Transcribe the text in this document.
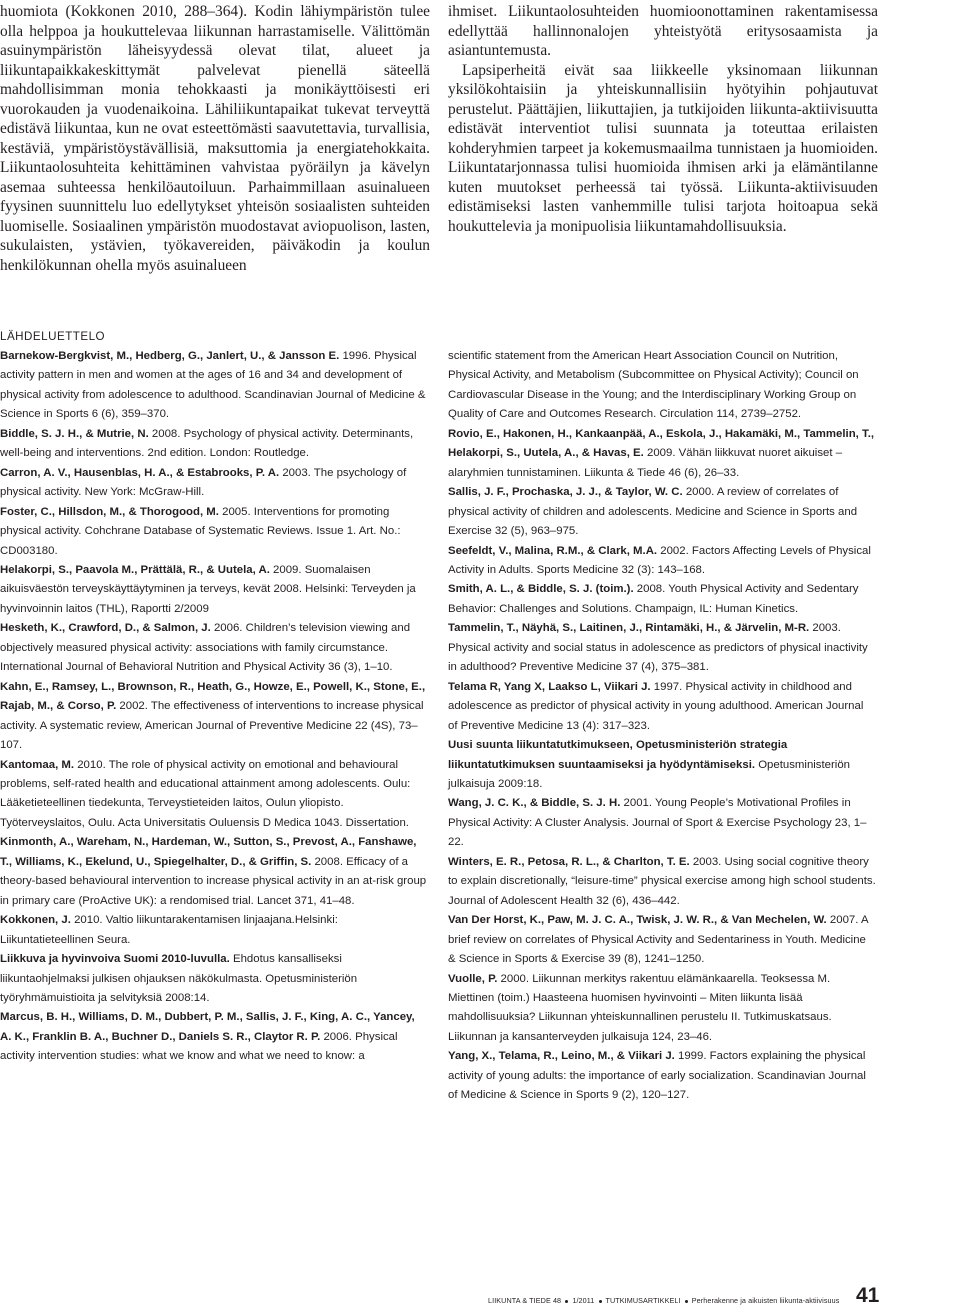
huomiota (Kokkonen 2010, 288–364). Kodin lähiympäristön tulee olla helppoa ja houkuttelevaa liikunnan harrastamiselle. Välittömän asuinympäristön läheisyydessä olevat tilat, alueet ja liikuntapaikkakeskittymät palvelevat pienellä säteellä mahdollisimman monia tehokkaasti ja monikäyttöisesti eri vuorokauden ja vuodenaikoina. Lähiliikuntapaikat tukevat terveyttä edistävä liikuntaa, kun ne ovat esteettömästi saavutettavia, turvallisia, kestäviä, ympäristöystävällisiä, maksuttomia ja energiatehokkaita. Liikuntaolosuhteita kehittäminen vahvistaa pyöräilyn ja kävelyn asemaa suhteessa henkilöautoiluun. Parhaimmillaan asuinalueen fyysinen suunnittelu luo edellytykset yhteisön sosiaalisten suhteiden luomiselle. Sosiaalinen ympäristön muodostavat aviopuolison, lasten, sukulaisten, ystävien, työkavereiden, päiväkodin ja koulun henkilökunnan ohella myös asuinalueen

ihmiset. Liikuntaolosuhteiden huomioonottaminen rakentamisessa edellyttää hallinnonalojen yhteistyötä eritysosaamista ja asiantuntemusta.

Lapsiperheitä eivät saa liikkeelle yksinomaan liikunnan yksilökohtaisiin ja yhteiskunnallisiin hyötyihin pohjautuvat perustelut. Päättäjien, liikuttajien, ja tutkijoiden liikunta-aktiivisuutta edistävät interventiot tulisi suunnata ja toteuttaa erilaisten kohderyhmien tarpeet ja kokemusmaailma tunnistaen ja huomioiden. Liikuntatarjonnassa tulisi huomioida ihmisen arki ja elämäntilanne kuten muutokset perheessä tai työssä. Liikunta-aktiivisuuden edistämiseksi lasten vanhemmille tulisi tarjota hoitoapua sekä houkuttelevia ja monipuolisia liikuntamahdollisuuksia.

LÄHDELUETTELO

Barnekow-Bergkvist, M., Hedberg, G., Janlert, U., & Jansson E. 1996. Physical activity pattern in men and women at the ages of 16 and 34 and development of physical activity from adolescence to adulthood. Scandinavian Journal of Medicine & Science in Sports 6 (6), 359–370.

Biddle, S. J. H., & Mutrie, N. 2008. Psychology of physical activity. Determinants, well-being and interventions. 2nd edition. London: Routledge.

Carron, A. V., Hausenblas, H. A., & Estabrooks, P. A. 2003. The psychology of physical activity. New York: McGraw-Hill.

Foster, C., Hillsdon, M., & Thorogood, M. 2005. Interventions for promoting physical activity. Cohchrane Database of Systematic Reviews. Issue 1. Art. No.: CD003180.

Helakorpi, S., Paavola M., Prättälä, R., & Uutela, A. 2009. Suomalaisen aikuisväestön terveyskäyttäytyminen ja terveys, kevät 2008. Helsinki: Terveyden ja hyvinvoinnin laitos (THL), Raportti 2/2009

Hesketh, K., Crawford, D., & Salmon, J. 2006. Children’s television viewing and objectively measured physical activity: associations with family circumstance. International Journal of Behavioral Nutrition and Physical Activity 36 (3), 1–10.

Kahn, E., Ramsey, L., Brownson, R., Heath, G., Howze, E., Powell, K., Stone, E., Rajab, M., & Corso, P. 2002. The effectiveness of interventions to increase physical activity. A systematic review, American Journal of Preventive Medicine 22 (4S), 73–107.

Kantomaa, M. 2010. The role of physical activity on emotional and behavioural problems, self-rated health and educational attainment among adolescents. Oulu: Lääketieteellinen tiedekunta, Terveystieteiden laitos, Oulun yliopisto. Työterveyslaitos, Oulu. Acta Universitatis Ouluensis D Medica 1043. Dissertation.

Kinmonth, A., Wareham, N., Hardeman, W., Sutton, S., Prevost, A., Fanshawe, T., Williams, K., Ekelund, U., Spiegelhalter, D., & Griffin, S. 2008. Efficacy of a theory-based behavioural intervention to increase physical activity in an at-risk group in primary care (ProActive UK): a rendomised trial. Lancet 371, 41–48.

Kokkonen, J. 2010. Valtio liikuntarakentamisen linjaajana.Helsinki: Liikuntatieteellinen Seura.

Liikkuva ja hyvinvoiva Suomi 2010-luvulla. Ehdotus kansalliseksi liikuntaohjelmaksi julkisen ohjauksen näkökulmasta. Opetusministeriön työryhmämuistioita ja selvityksiä 2008:14.

Marcus, B. H., Williams, D. M., Dubbert, P. M., Sallis, J. F., King, A. C., Yancey, A. K., Franklin B. A., Buchner D., Daniels S. R., Claytor R. P. 2006. Physical activity intervention studies: what we know and what we need to know: a

scientific statement from the American Heart Association Council on Nutrition, Physical Activity, and Metabolism (Subcommittee on Physical Activity); Council on Cardiovascular Disease in the Young; and the Interdisciplinary Working Group on Quality of Care and Outcomes Research. Circulation 114, 2739–2752.

Rovio, E., Hakonen, H., Kankaanpää, A., Eskola, J., Hakamäki, M., Tammelin, T., Helakorpi, S., Uutela, A., & Havas, E. 2009. Vähän liikkuvat nuoret aikuiset – alaryhmien tunnistaminen. Liikunta & Tiede 46 (6), 26–33.

Sallis, J. F., Prochaska, J. J., & Taylor, W. C. 2000. A review of correlates of physical activity of children and adolescents. Medicine and Science in Sports and Exercise 32 (5), 963–975.

Seefeldt, V., Malina, R.M., & Clark, M.A. 2002. Factors Affecting Levels of Physical Activity in Adults. Sports Medicine 32 (3): 143–168.

Smith, A. L., & Biddle, S. J. (toim.). 2008. Youth Physical Activity and Sedentary Behavior: Challenges and Solutions. Champaign, IL: Human Kinetics.

Tammelin, T., Näyhä, S., Laitinen, J., Rintamäki, H., & Järvelin, M-R. 2003. Physical activity and social status in adolescence as predictors of physical inactivity in adulthood? Preventive Medicine 37 (4), 375–381.

Telama R, Yang X, Laakso L, Viikari J. 1997. Physical activity in childhood and adolescence as predictor of physical activity in young adulthood. American Journal of Preventive Medicine 13 (4): 317–323.

Uusi suunta liikuntatutkimukseen, Opetusministeriön strategia liikuntatutkimuksen suuntaamiseksi ja hyödyntämiseksi. Opetusministeriön julkaisuja 2009:18.

Wang, J. C. K., & Biddle, S. J. H. 2001. Young People’s Motivational Profiles in Physical Activity: A Cluster Analysis. Journal of Sport & Exercise Psychology 23, 1–22.

Winters, E. R., Petosa, R. L., & Charlton, T. E. 2003. Using social cognitive theory to explain discretionally, “leisure-time” physical exercise among high school students. Journal of Adolescent Health 32 (6), 436–442.

Van Der Horst, K., Paw, M. J. C. A., Twisk, J. W. R., & Van Mechelen, W. 2007. A brief review on correlates of Physical Activity and Sedentariness in Youth. Medicine & Science in Sports & Exercise 39 (8), 1241–1250.

Vuolle, P. 2000. Liikunnan merkitys rakentuu elämänkaarella. Teoksessa M. Miettinen (toim.) Haasteena huomisen hyvinvointi – Miten liikunta lisää mahdollisuuksia? Liikunnan yhteiskunnallinen perustelu II. Tutkimuskatsaus. Liikunnan ja kansanterveyden julkaisuja 124, 23–46.

Yang, X., Telama, R., Leino, M., & Viikari J. 1999. Factors explaining the physical activity of young adults: the importance of early socialization. Scandinavian Journal of Medicine & Science in Sports 9 (2), 120–127.

LIIKUNTA & TIEDE 48 1/2011 TUTKIMUSARTIKKELI Perherakenne ja aikuisten liikunta-aktiivisuus 41
